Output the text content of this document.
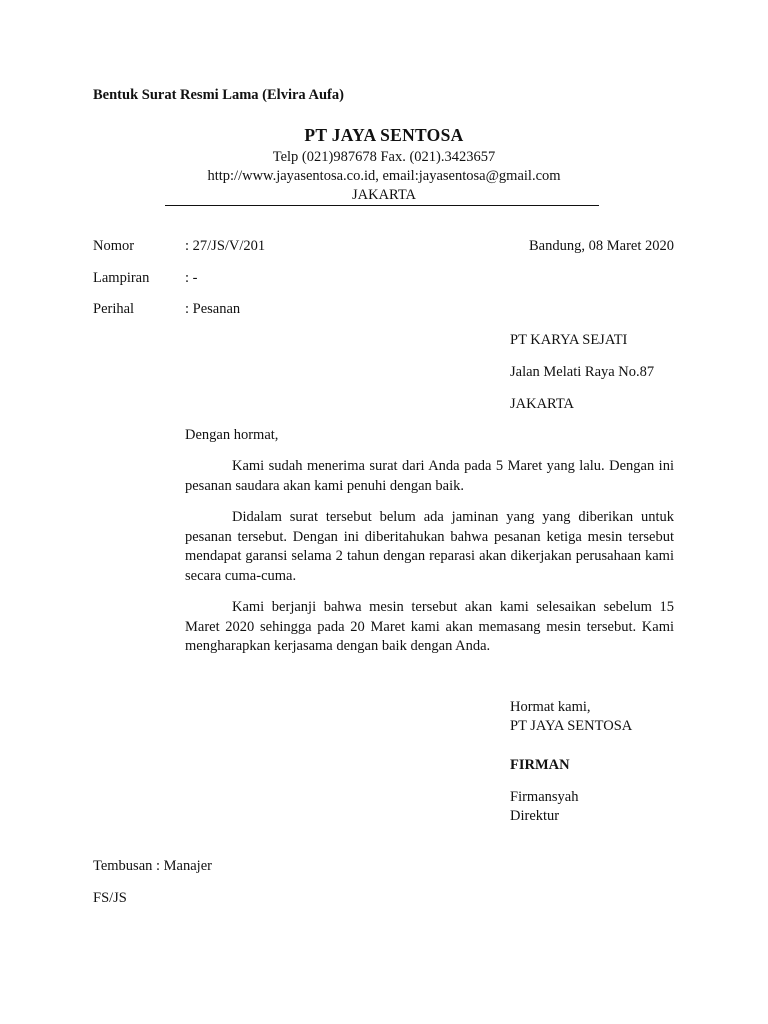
Bentuk Surat Resmi Lama (Elvira Aufa)
PT JAYA SENTOSA
Telp (021)987678 Fax. (021).3423657
http://www.jayasentosa.co.id, email:jayasentosa@gmail.com
JAKARTA
Nomor	: 27/JS/V/201	Bandung, 08 Maret 2020
Lampiran : -
Perihal	: Pesanan
PT KARYA SEJATI
Jalan Melati Raya No.87
JAKARTA
Dengan hormat,

Kami sudah menerima surat dari Anda pada 5 Maret yang lalu. Dengan ini pesanan saudara akan kami penuhi dengan baik.

Didalam surat tersebut belum ada jaminan yang yang diberikan untuk pesanan tersebut. Dengan ini diberitahukan bahwa pesanan ketiga mesin tersebut mendapat garansi selama 2 tahun dengan reparasi akan dikerjakan perusahaan kami secara cuma-cuma.

Kami berjanji bahwa mesin tersebut akan kami selesaikan sebelum 15 Maret 2020 sehingga pada 20 Maret kami akan memasang mesin tersebut. Kami mengharapkan kerjasama dengan baik dengan Anda.

Hormat kami,
PT JAYA SENTOSA
FIRMAN
Firmansyah
Direktur
Tembusan : Manajer
FS/JS
